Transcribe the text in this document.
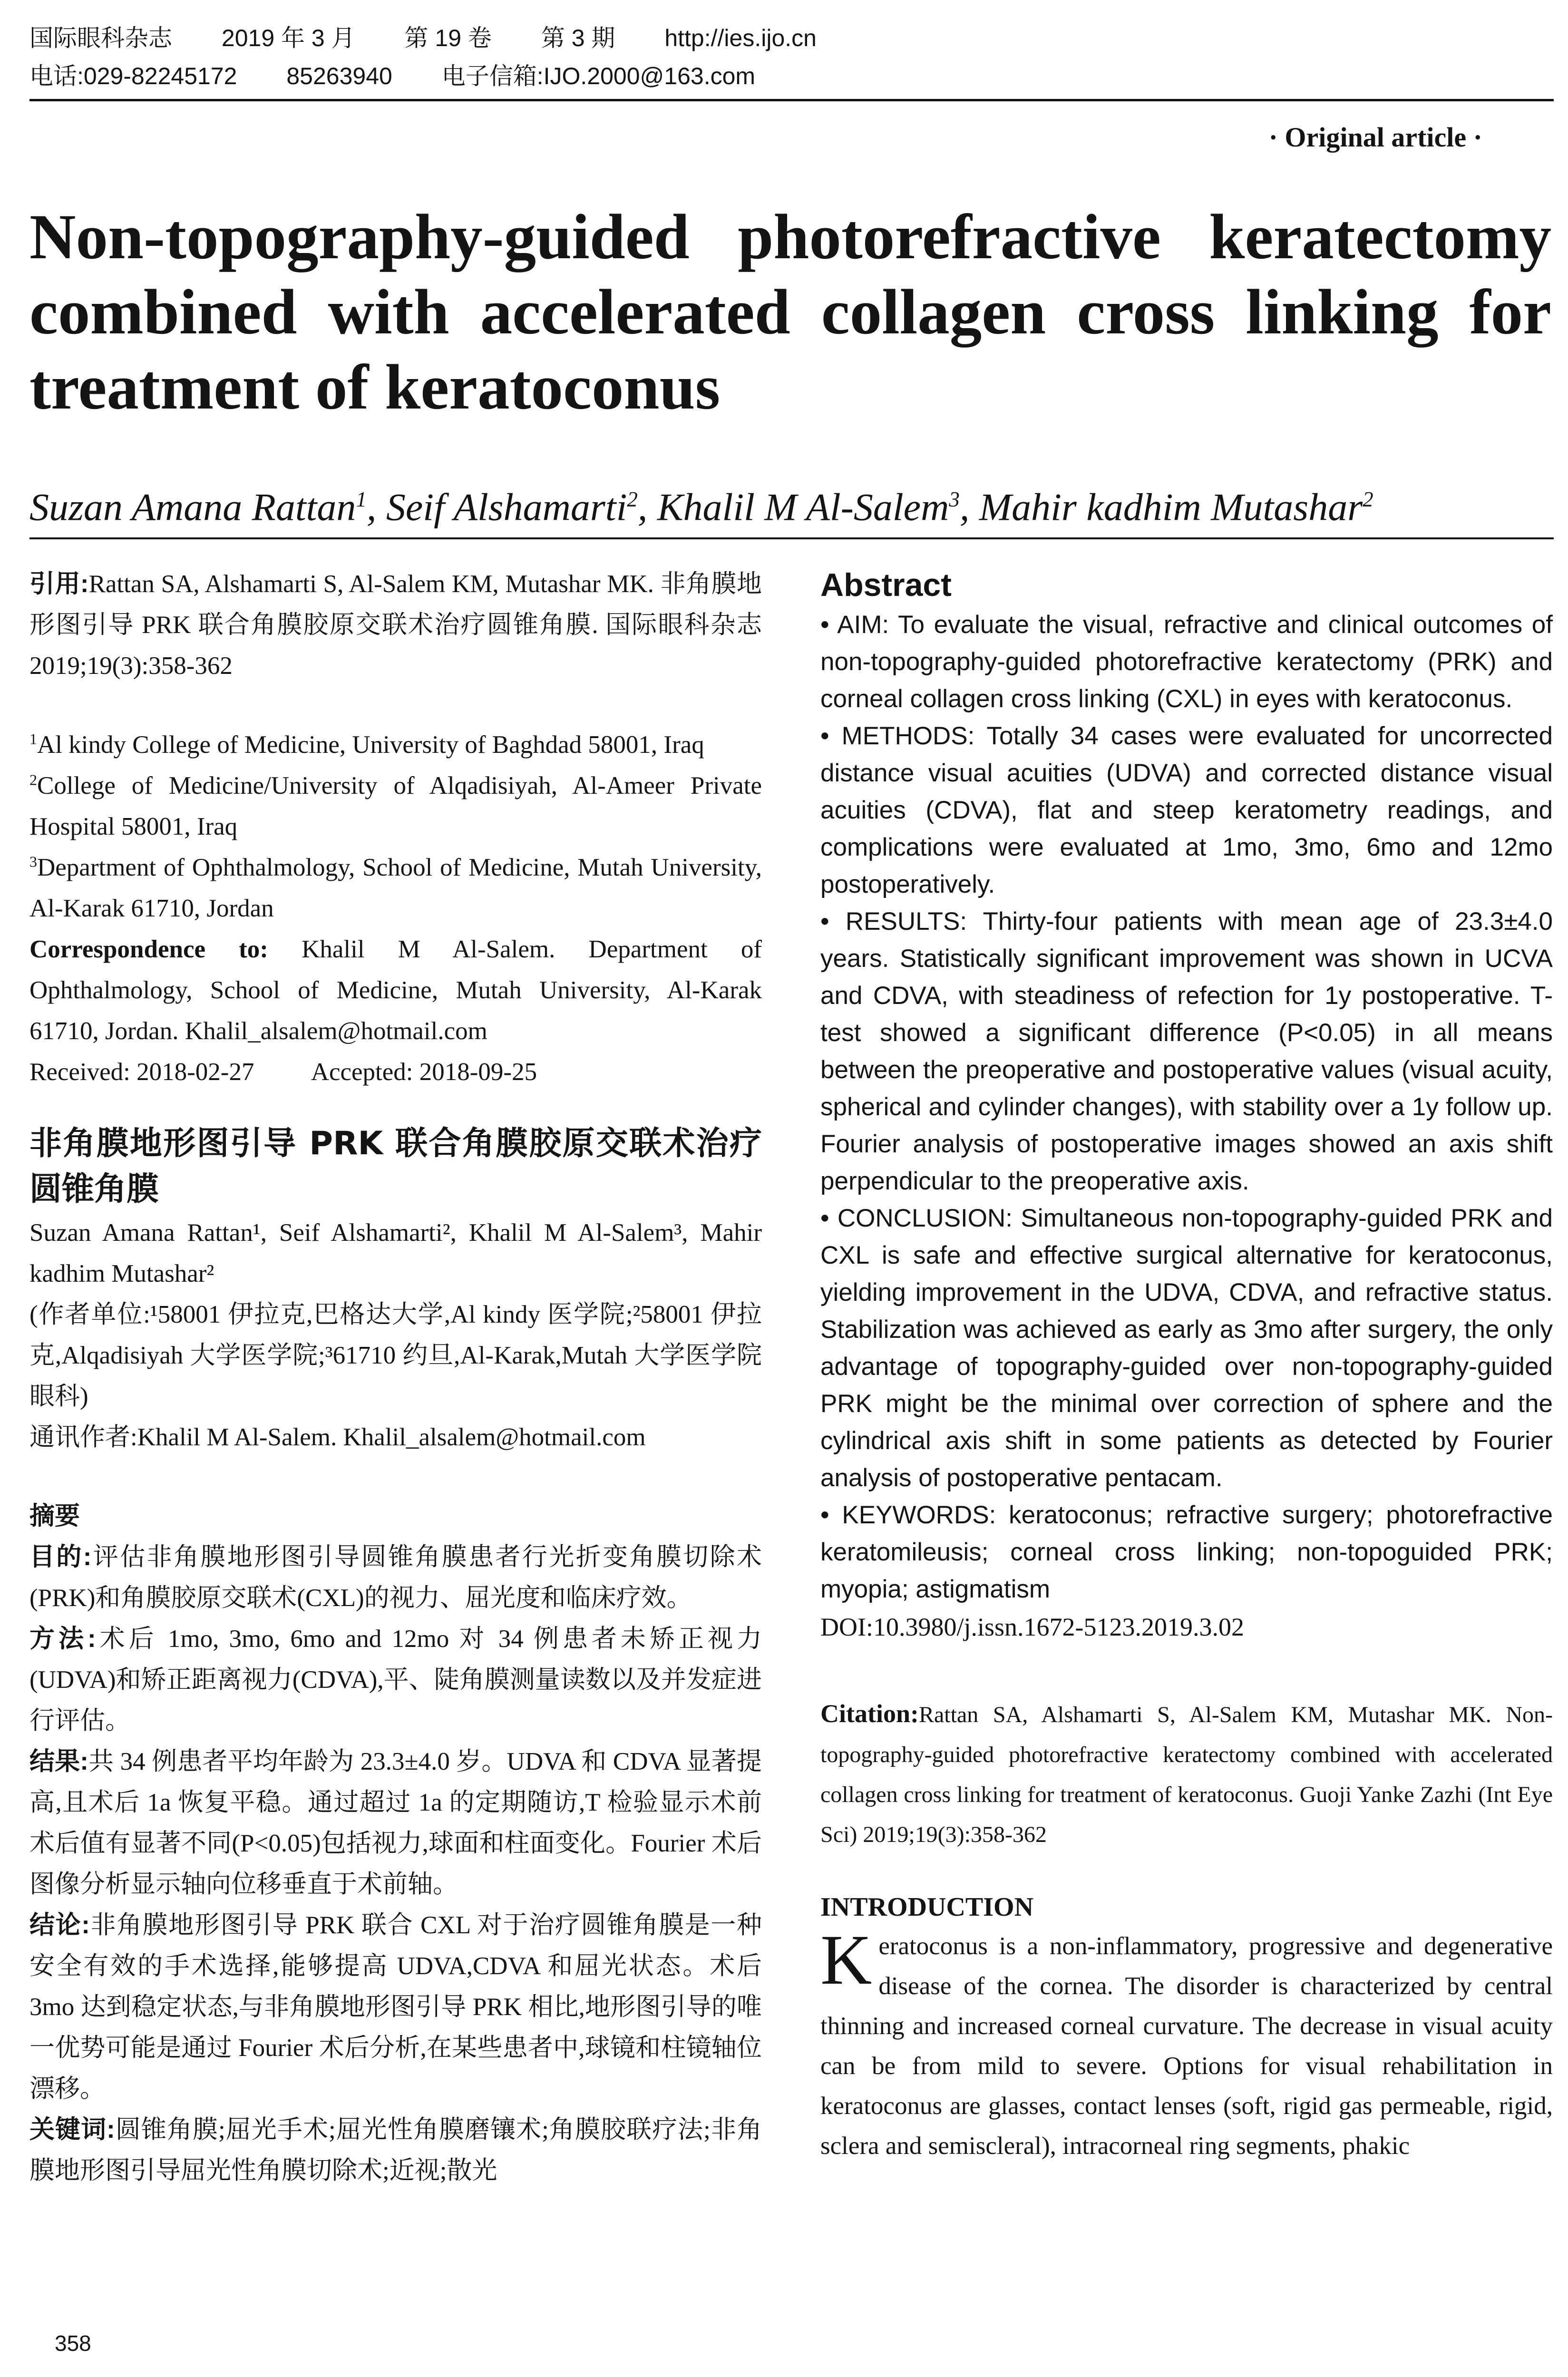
国际眼科杂志 2019 年 3 月 第 19 卷 第 3 期 http://ies.ijo.cn
电话:029-82245172 85263940 电子信箱:IJO.2000@163.com
· Original article ·
Non-topography-guided photorefractive keratectomy
combined with accelerated collagen cross linking for
treatment of keratoconus
Suzan Amana Rattan$^1$, Seif Alshamarti$^2$, Khalil M Al-Salem$^3$, Mahir kadhim Mutashar$^2$

引用:Rattan SA, Alshamarti S, Al-Salem KM, Mutashar MK. 非角膜地形图引导 PRK 联合角膜胶原交联术治疗圆锥角膜. 国际眼科杂志 2019;19(3):358-362

$^1$Al kindy College of Medicine, University of Baghdad 58001, Iraq

$^2$College of Medicine/University of Alqadisiyah, Al-Ameer Private Hospital 58001, Iraq

$^3$Department of Ophthalmology, School of Medicine, Mutah University, Al-Karak 61710, Jordan

Correspondence to: Khalil M Al-Salem. Department of Ophthalmology, School of Medicine, Mutah University, Al-Karak 61710, Jordan. Khalil_alsalem@hotmail.com

Received: 2018-02-27 Accepted: 2018-09-25

非角膜地形图引导 PRK 联合角膜胶原交联术治疗圆锥角膜

Suzan Amana Rattan¹, Seif Alshamarti², Khalil M Al-Salem³, Mahir kadhim Mutashar²

(作者单位:¹58001 伊拉克,巴格达大学,Al kindy 医学院;²58001 伊拉克,Alqadisiyah 大学医学院;³61710 约旦,Al-Karak,Mutah 大学医学院眼科)

通讯作者:Khalil M Al-Salem. Khalil_alsalem@hotmail.com

摘要

目的:评估非角膜地形图引导圆锥角膜患者行光折变角膜切除术(PRK)和角膜胶原交联术(CXL)的视力、屈光度和临床疗效。

方法:术后 1mo, 3mo, 6mo and 12mo 对 34 例患者未矫正视力(UDVA)和矫正距离视力(CDVA),平、陡角膜测量读数以及并发症进行评估。

结果:共 34 例患者平均年龄为 23.3±4.0 岁。UDVA 和 CDVA 显著提高,且术后 1a 恢复平稳。通过超过 1a 的定期随访,T 检验显示术前术后值有显著不同(P<0.05)包括视力,球面和柱面变化。Fourier 术后图像分析显示轴向位移垂直于术前轴。

结论:非角膜地形图引导 PRK 联合 CXL 对于治疗圆锥角膜是一种安全有效的手术选择,能够提高 UDVA,CDVA 和屈光状态。术后 3mo 达到稳定状态,与非角膜地形图引导 PRK 相比,地形图引导的唯一优势可能是通过 Fourier 术后分析,在某些患者中,球镜和柱镜轴位漂移。

关键词:圆锥角膜;屈光手术;屈光性角膜磨镶术;角膜胶联疗法;非角膜地形图引导屈光性角膜切除术;近视;散光

Abstract

• AIM: To evaluate the visual, refractive and clinical outcomes of non-topography-guided photorefractive keratectomy (PRK) and corneal collagen cross linking (CXL) in eyes with keratoconus.

• METHODS: Totally 34 cases were evaluated for uncorrected distance visual acuities (UDVA) and corrected distance visual acuities (CDVA), flat and steep keratometry readings, and complications were evaluated at 1mo, 3mo, 6mo and 12mo postoperatively.

• RESULTS: Thirty-four patients with mean age of 23.3±4.0 years. Statistically significant improvement was shown in UCVA and CDVA, with steadiness of refection for 1y postoperative. T-test showed a significant difference (P<0.05) in all means between the preoperative and postoperative values (visual acuity, spherical and cylinder changes), with stability over a 1y follow up. Fourier analysis of postoperative images showed an axis shift perpendicular to the preoperative axis.

• CONCLUSION: Simultaneous non-topography-guided PRK and CXL is safe and effective surgical alternative for keratoconus, yielding improvement in the UDVA, CDVA, and refractive status. Stabilization was achieved as early as 3mo after surgery, the only advantage of topography-guided over non-topography-guided PRK might be the minimal over correction of sphere and the cylindrical axis shift in some patients as detected by Fourier analysis of postoperative pentacam.

• KEYWORDS: keratoconus; refractive surgery; photorefractive keratomileusis; corneal cross linking; non-topoguided PRK; myopia; astigmatism

DOI:10.3980/j.issn.1672-5123.2019.3.02

Citation:Rattan SA, Alshamarti S, Al-Salem KM, Mutashar MK. Non-topography-guided photorefractive keratectomy combined with accelerated collagen cross linking for treatment of keratoconus. Guoji Yanke Zazhi (Int Eye Sci) 2019;19(3):358-362
INTRODUCTION

Keratoconus is a non-inflammatory, progressive and degenerative disease of the cornea. The disorder is characterized by central thinning and increased corneal curvature. The decrease in visual acuity can be from mild to severe. Options for visual rehabilitation in keratoconus are glasses, contact lenses (soft, rigid gas permeable, rigid, sclera and semiscleral), intracorneal ring segments, phakic

358
